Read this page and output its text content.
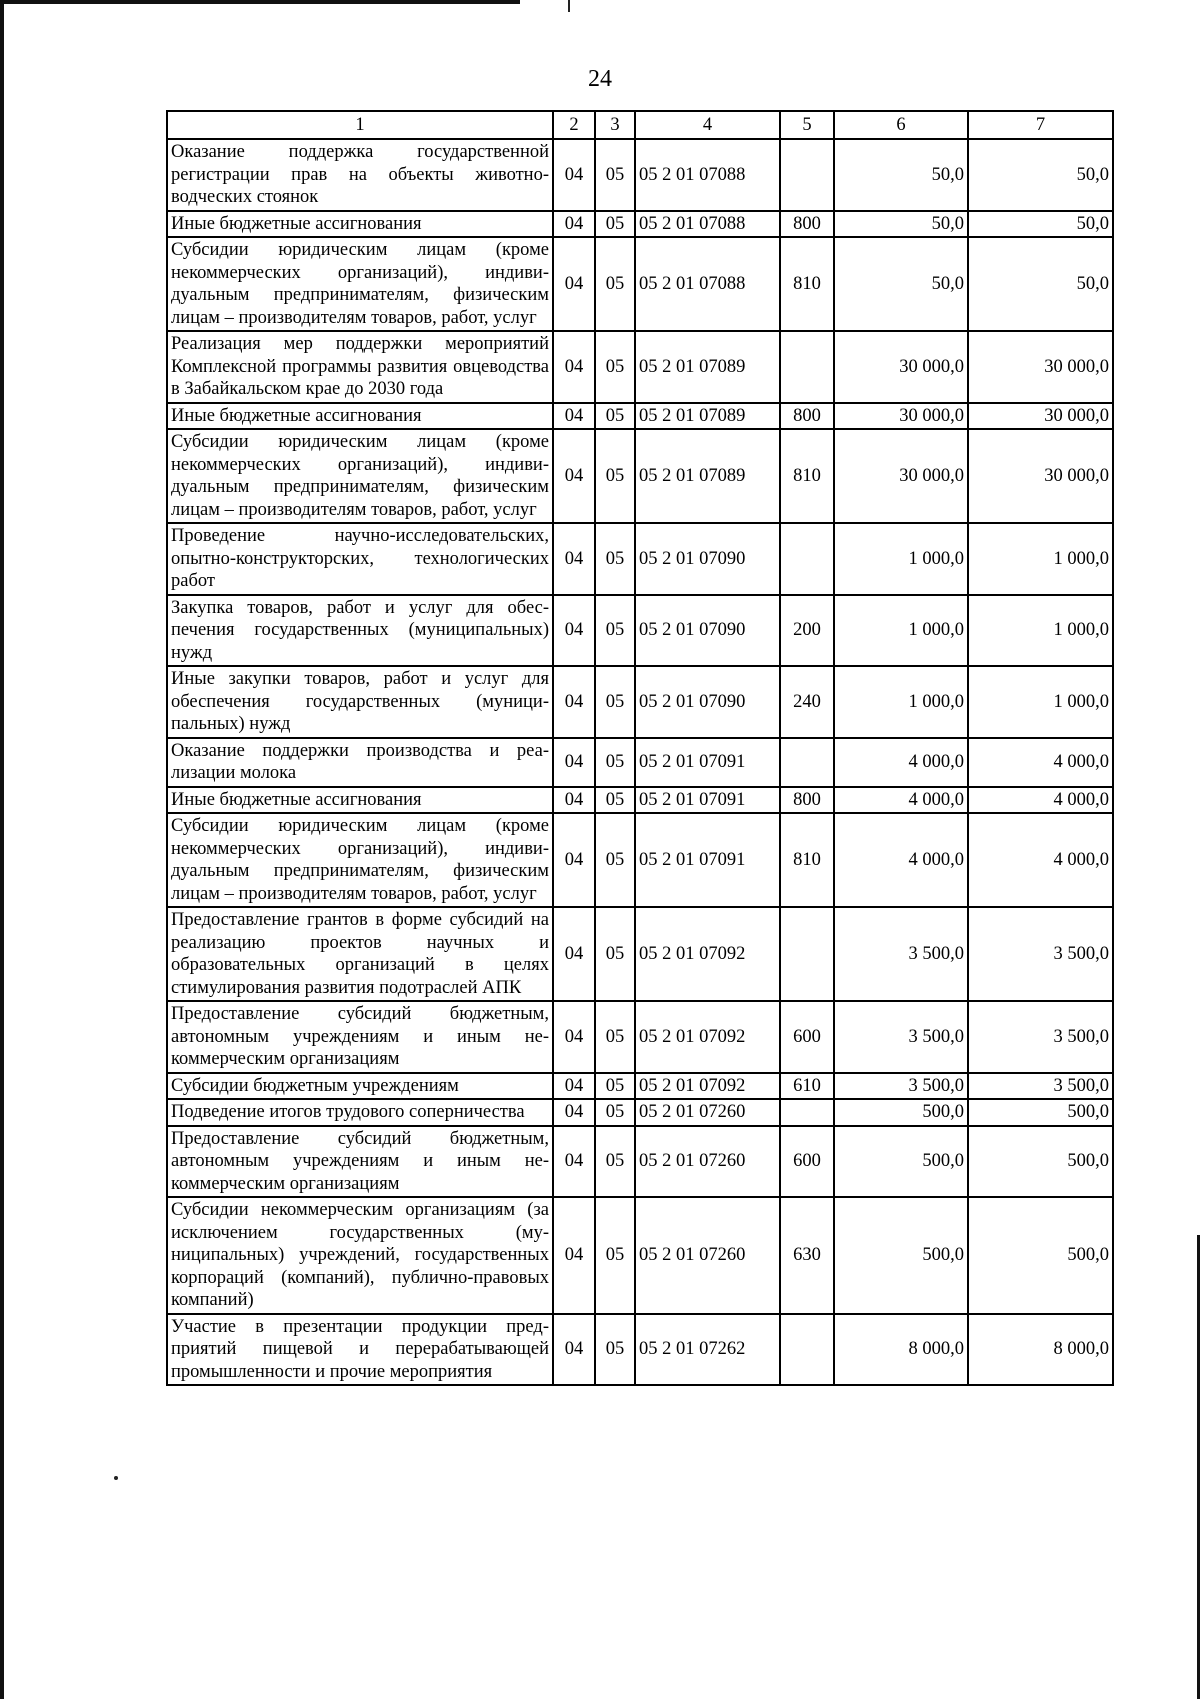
24
1	2	3	4	5	6	7
Оказание поддержка государственной регистрации прав на объекты животноводческих стоянок	04	05	05 2 01 07088		50,0	50,0
Иные бюджетные ассигнования	04	05	05 2 01 07088	800	50,0	50,0
Субсидии юридическим лицам (кроме некоммерческих организаций), индивидуальным предпринимателям, физическим лицам – производителям товаров, работ, услуг	04	05	05 2 01 07088	810	50,0	50,0
Реализация мер поддержки мероприятий Комплексной программы развития овцеводства в Забайкальском крае до 2030 года	04	05	05 2 01 07089		30 000,0	30 000,0
Иные бюджетные ассигнования	04	05	05 2 01 07089	800	30 000,0	30 000,0
Субсидии юридическим лицам (кроме некоммерческих организаций), индивидуальным предпринимателям, физическим лицам – производителям товаров, работ, услуг	04	05	05 2 01 07089	810	30 000,0	30 000,0
Проведение научно-исследовательских, опытно-конструкторских, технологических работ	04	05	05 2 01 07090		1 000,0	1 000,0
Закупка товаров, работ и услуг для обеспечения государственных (муниципальных) нужд	04	05	05 2 01 07090	200	1 000,0	1 000,0
Иные закупки товаров, работ и услуг для обеспечения государственных (муниципальных) нужд	04	05	05 2 01 07090	240	1 000,0	1 000,0
Оказание поддержки производства и реализации молока	04	05	05 2 01 07091		4 000,0	4 000,0
Иные бюджетные ассигнования	04	05	05 2 01 07091	800	4 000,0	4 000,0
Субсидии юридическим лицам (кроме некоммерческих организаций), индивидуальным предпринимателям, физическим лицам – производителям товаров, работ, услуг	04	05	05 2 01 07091	810	4 000,0	4 000,0
Предоставление грантов в форме субсидий на реализацию проектов научных и образовательных организаций в целях стимулирования развития подотраслей АПК	04	05	05 2 01 07092		3 500,0	3 500,0
Предоставление субсидий бюджетным, автономным учреждениям и иным некоммерческим организациям	04	05	05 2 01 07092	600	3 500,0	3 500,0
Субсидии бюджетным учреждениям	04	05	05 2 01 07092	610	3 500,0	3 500,0
Подведение итогов трудового соперничества	04	05	05 2 01 07260		500,0	500,0
Предоставление субсидий бюджетным, автономным учреждениям и иным некоммерческим организациям	04	05	05 2 01 07260	600	500,0	500,0
Субсидии некоммерческим организациям (за исключением государственных (муниципальных) учреждений, государственных корпораций (компаний), публично-правовых компаний)	04	05	05 2 01 07260	630	500,0	500,0
Участие в презентации продукции предприятий пищевой и перерабатывающей промышленности и прочие мероприятия	04	05	05 2 01 07262		8 000,0	8 000,0
